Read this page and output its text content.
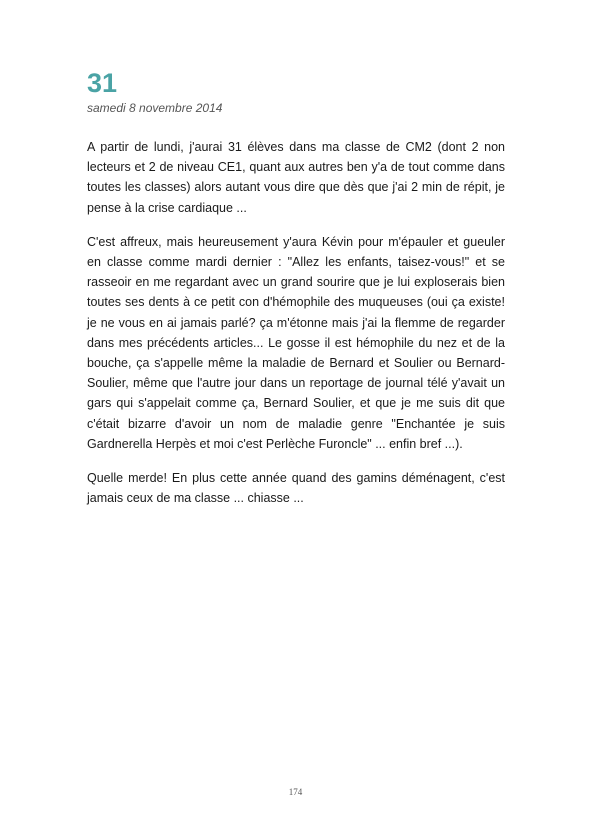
31
samedi 8 novembre 2014

A partir de lundi, j'aurai 31 élèves dans ma classe de CM2 (dont 2 non lecteurs et 2 de niveau CE1, quant aux autres ben y'a de tout comme dans toutes les classes) alors autant vous dire que dès que j'ai 2 min de répit, je pense à la crise cardiaque ...

C'est affreux, mais heureusement y'aura Kévin pour m'épauler et gueuler en classe comme mardi dernier : "Allez les enfants, taisez-vous!" et se rasseoir en me regardant avec un grand sourire que je lui exploserais bien toutes ses dents à ce petit con d'hémophile des muqueuses (oui ça existe! je ne vous en ai jamais parlé? ça m'étonne mais j'ai la flemme de regarder dans mes précédents articles... Le gosse il est hémophile du nez et de la bouche, ça s'appelle même la maladie de Bernard et Soulier ou Bernard-Soulier, même que l'autre jour dans un reportage de journal télé y'avait un gars qui s'appelait comme ça, Bernard Soulier, et que je me suis dit que c'était bizarre d'avoir un nom de maladie genre "Enchantée je suis Gardnerella Herpès et moi c'est Perlèche Furoncle" ... enfin bref ...).

Quelle merde! En plus cette année quand des gamins déménagent, c'est jamais ceux de ma classe ... chiasse ...

174
